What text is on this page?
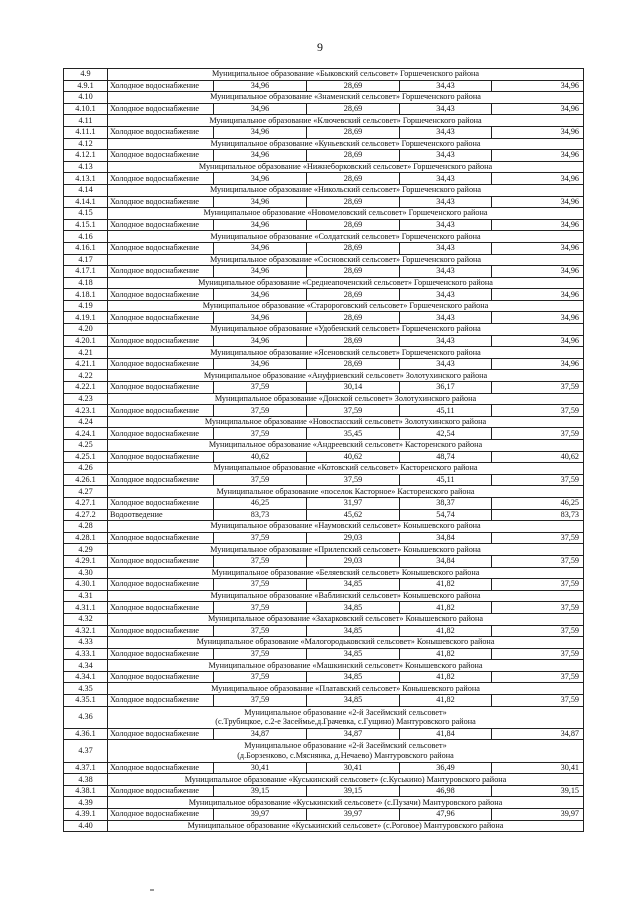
9
4.9	Муниципальное образование «Быковский сельсовет» Горшеченского района				
4.9.1	Холодное водоснабжение	34,96	28,69	34,43	34,96
4.10	Муниципальное образование «Знаменский сельсовет» Горшеченского района				
4.10.1	Холодное водоснабжение	34,96	28,69	34,43	34,96
4.11	Муниципальное образование «Ключевский сельсовет» Горшеченского района				
4.11.1	Холодное водоснабжение	34,96	28,69	34,43	34,96
4.12	Муниципальное образование «Куньевский сельсовет» Горшеченского района				
4.12.1	Холодное водоснабжение	34,96	28,69	34,43	34,96
4.13	Муниципальное образование «Нижнеборковский сельсовет» Горшеченского района				
4.13.1	Холодное водоснабжение	34,96	28,69	34,43	34,96
4.14	Муниципальное образование «Никольский сельсовет» Горшеченского района				
4.14.1	Холодное водоснабжение	34,96	28,69	34,43	34,96
4.15	Муниципальное образование «Новомеловский сельсовет» Горшеченского района				
4.15.1	Холодное водоснабжение	34,96	28,69	34,43	34,96
4.16	Муниципальное образование «Солдатский сельсовет» Горшеченского района				
4.16.1	Холодное водоснабжение	34,96	28,69	34,43	34,96
4.17	Муниципальное образование «Сосновский сельсовет» Горшеченского района				
4.17.1	Холодное водоснабжение	34,96	28,69	34,43	34,96
4.18	Муниципальное образование «Среднеапоченский сельсовет» Горшеченского района				
4.18.1	Холодное водоснабжение	34,96	28,69	34,43	34,96
4.19	Муниципальное образование «Старороговский сельсовет» Горшеченского района				
4.19.1	Холодное водоснабжение	34,96	28,69	34,43	34,96
4.20	Муниципальное образование «Удобенский сельсовет» Горшеченского района				
4.20.1	Холодное водоснабжение	34,96	28,69	34,43	34,96
4.21	Муниципальное образование «Ясеновский сельсовет» Горшеченского района				
4.21.1	Холодное водоснабжение	34,96	28,69	34,43	34,96
4.22	Муниципальное образование «Ануфриевский сельсовет» Золотухинского района				
4.22.1	Холодное водоснабжение	37,59	30,14	36,17	37,59
4.23	Муниципальное образование «Донской сельсовет» Золотухинского района				
4.23.1	Холодное водоснабжение	37,59	37,59	45,11	37,59
4.24	Муниципальное образование «Новоспасский сельсовет» Золотухинского района				
4.24.1	Холодное водоснабжение	37,59	35,45	42,54	37,59
4.25	Муниципальное образование «Андреевский сельсовет» Касторенского района				
4.25.1	Холодное водоснабжение	40,62	40,62	48,74	40,62
4.26	Муниципальное образование «Котовский сельсовет» Касторенского района				
4.26.1	Холодное водоснабжение	37,59	37,59	45,11	37,59
4.27	Муниципальное образование «поселок Касторное» Касторенского района				
4.27.1	Холодное водоснабжение	46,25	31,97	38,37	46,25
4.27.2	Водоотведение	83,73	45,62	54,74	83,73
4.28	Муниципальное образование «Наумовский сельсовет» Конышевского района				
4.28.1	Холодное водоснабжение	37,59	29,03	34,84	37,59
4.29	Муниципальное образование «Прилепский сельсовет» Конышевского района				
4.29.1	Холодное водоснабжение	37,59	29,03	34,84	37,59
4.30	Муниципальное образование «Беляевский сельсовет» Конышевского района				
4.30.1	Холодное водоснабжение	37,59	34,85	41,82	37,59
4.31	Муниципальное образование «Ваблинский сельсовет» Конышевского района				
4.31.1	Холодное водоснабжение	37,59	34,85	41,82	37,59
4.32	Муниципальное образование «Захарковский сельсовет» Конышевского района				
4.32.1	Холодное водоснабжение	37,59	34,85	41,82	37,59
4.33	Муниципальное образование «Малогородьковский сельсовет» Конышевского района				
4.33.1	Холодное водоснабжение	37,59	34,85	41,82	37,59
4.34	Муниципальное образование «Машкинский сельсовет» Конышевского района				
4.34.1	Холодное водоснабжение	37,59	34,85	41,82	37,59
4.35	Муниципальное образование «Платавский сельсовет» Конышевского района				
4.35.1	Холодное водоснабжение	37,59	34,85	41,82	37,59
4.36	Муниципальное образование «2-й Засеймский сельсовет»
(с.Трубицкое, с.2-е Засеймье,д.Грачевка, с.Гущино) Мантуровского района				

4.36.1	Холодное водоснабжение	34,87	34,87	41,84	34,87
4.37	Муниципальное образование «2-й Засеймский сельсовет»
(д.Борзенково, с.Мяснянка, д.Нечаево) Мантуровского района				

4.37.1	Холодное водоснабжение	30,41	30,41	36,49	30,41
4.38	Муниципальное образование «Куськинский сельсовет» (с.Куськино) Мантуровского района				
4.38.1	Холодное водоснабжение	39,15	39,15	46,98	39,15
4.39	Муниципальное образование «Куськинский сельсовет» (с.Пузачи) Мантуровского района				
4.39.1	Холодное водоснабжение	39,97	39,97	47,96	39,97
4.40	Муниципальное образование «Куськинский сельсовет» (с.Роговое) Мантуровского района				
